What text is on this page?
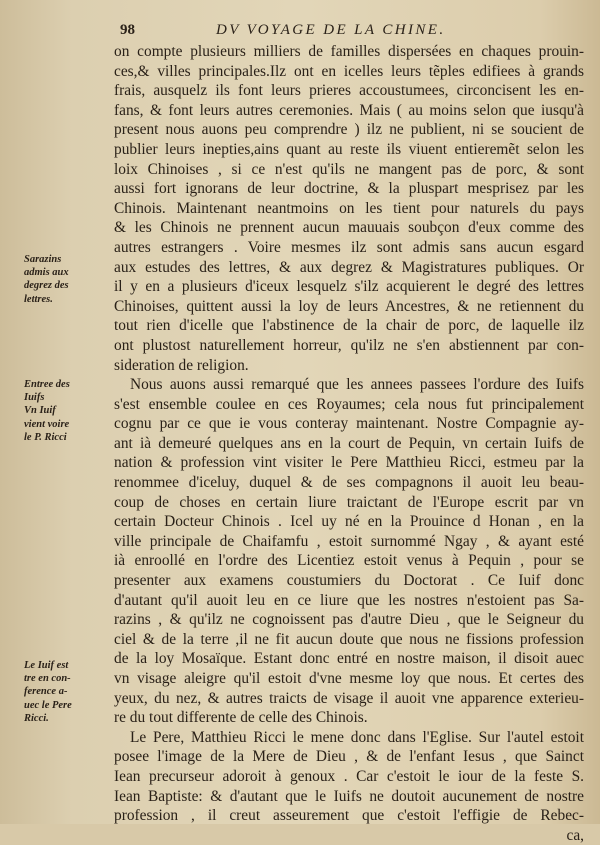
98	DV VOYAGE DE LA CHINE.
on compte plusieurs milliers de familles dispersées en chaques prouin-
ces,& villes principales.Ilz ont en icelles leurs tẽples edifiees à grands
frais, ausquelz ils font leurs prieres accoustumees, circoncisent les en-
fans, & font leurs autres ceremonies. Mais ( au moins selon que iusqu'à
present nous auons peu comprendre ) ilz ne publient, ni se soucient de
publier leurs inepties,ains quant au reste ils viuent entieremẽt selon les
loix Chinoises , si ce n'est qu'ils ne mangent pas de porc, & sont
aussi fort ignorans de leur doctrine, & la pluspart mesprisez par les
Chinois. Maintenant neantmoins on les tient pour naturels du pays
& les Chinois ne prennent aucun mauuais soubçon d'eux comme des
autres estrangers . Voire mesmes ilz sont admis sans aucun esgard
aux estudes des lettres, & aux degrez & Magistratures publiques. Or
il y en a plusieurs d'iceux lesquelz s'ilz acquierent le degré des lettres
Chinoises, quittent aussi la loy de leurs Ancestres, & ne retiennent du
tout rien d'icelle que l'abstinence de la chair de porc, de laquelle ilz
ont plustost naturellement horreur, qu'ilz ne s'en abstiennent par con-
sideration de religion.
Nous auons aussi remarqué que les annees passees l'ordure des Iuifs
s'est ensemble coulee en ces Royaumes; cela nous fut principalement
cognu par ce que ie vous conteray maintenant. Nostre Compagnie ay-
ant ià demeuré quelques ans en la court de Pequin, vn certain Iuifs de
nation & profession vint visiter le Pere Matthieu Ricci, estmeu par la
renommee d'iceluy, duquel & de ses compagnons il auoit leu beau-
coup de choses en certain liure traictant de l'Europe escrit par vn
certain Docteur Chinois . Icel uy né en la Prouince d Honan , en la
ville principale de Chaifamfu , estoit surnommé Ngay , & ayant esté
ià enroollé en l'ordre des Licentiez estoit venus à Pequin , pour se
presenter aux examens coustumiers du Doctorat . Ce Iuif donc
d'autant qu'il auoit leu en ce liure que les nostres n'estoient pas Sa-
razins , & qu'ilz ne cognoissent pas d'autre Dieu , que le Seigneur du
ciel & de la terre ,il ne fit aucun doute que nous ne fissions profession
de la loy Mosaïque. Estant donc entré en nostre maison, il disoit auec
vn visage aleigre qu'il estoit d'vne mesme loy que nous. Et certes des
yeux, du nez, & autres traicts de visage il auoit vne apparence exterieu-
re du tout differente de celle des Chinois.
Le Pere, Matthieu Ricci le mene donc dans l'Eglise. Sur l'autel estoit
posee l'image de la Mere de Dieu , & de l'enfant Iesus , que Sainct
Iean precurseur adoroit à genoux . Car c'estoit le iour de la feste S.
Iean Baptiste: & d'autant que le Iuifs ne doutoit aucunement de nostre
profession , il creut asseurement que c'estoit l'effigie de Rebec-
ca,
Sarazins
admis aux
degrez des
lettres.
Entree des
Iuifs
Vn Iuif
vient voire
le P. Ricci
Le Iuif est
tre en con-
ference a-
uec le Pere
Ricci.
